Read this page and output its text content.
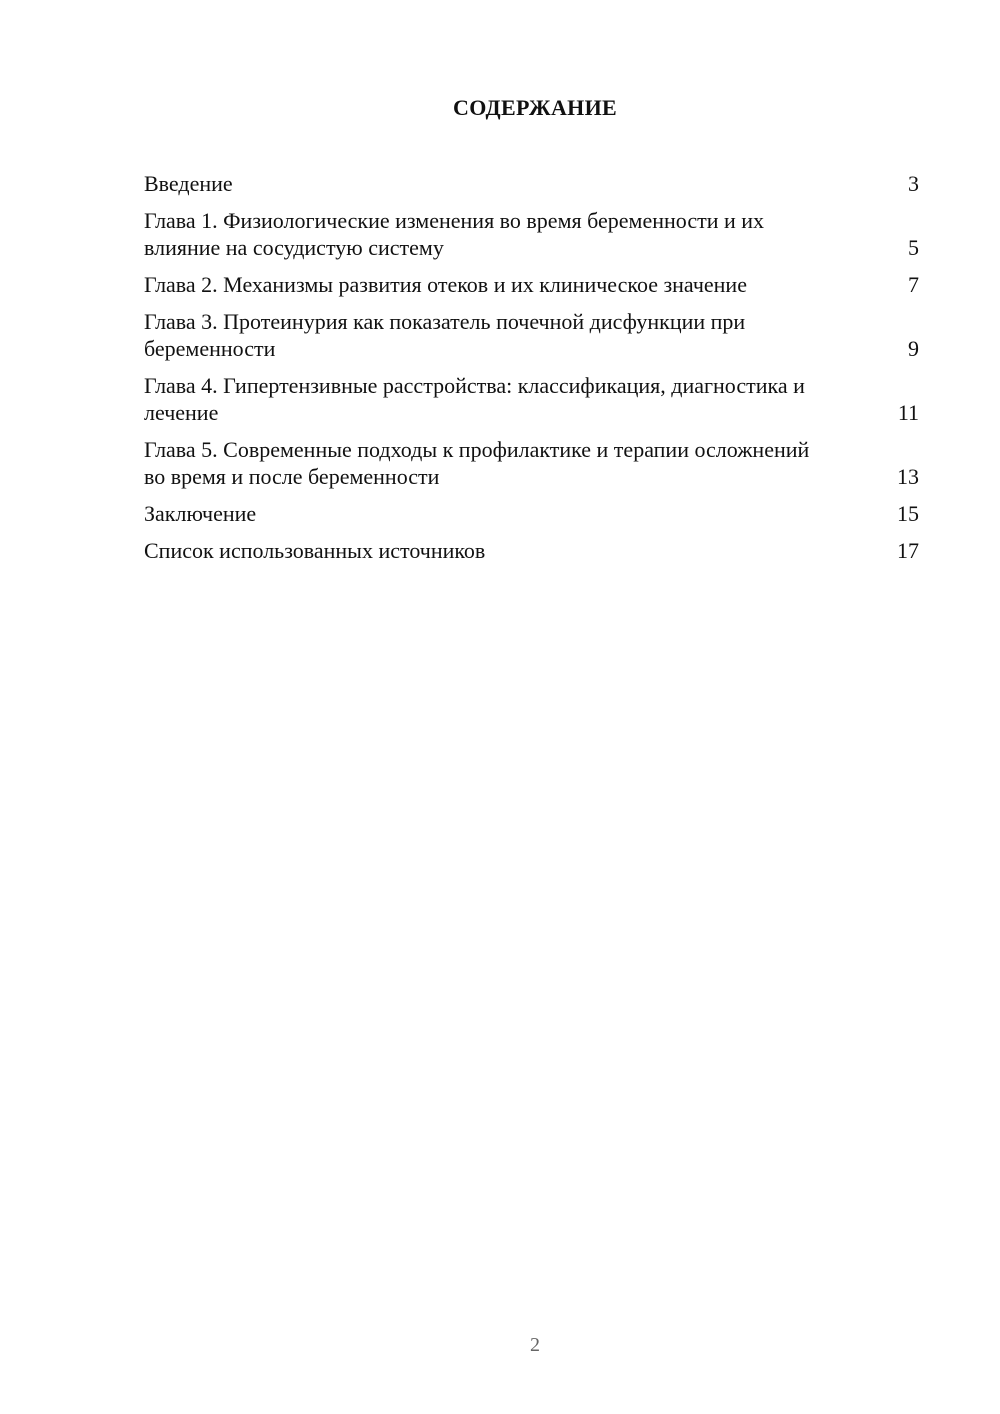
СОДЕРЖАНИЕ
Введение	3
Глава 1. Физиологические изменения во время беременности и их влияние на сосудистую систему	5
Глава 2. Механизмы развития отеков и их клиническое значение	7
Глава 3. Протеинурия как показатель почечной дисфункции при беременности	9
Глава 4. Гипертензивные расстройства: классификация, диагностика и лечение	11
Глава 5. Современные подходы к профилактике и терапии осложнений во время и после беременности	13
Заключение	15
Список использованных источников	17
2
